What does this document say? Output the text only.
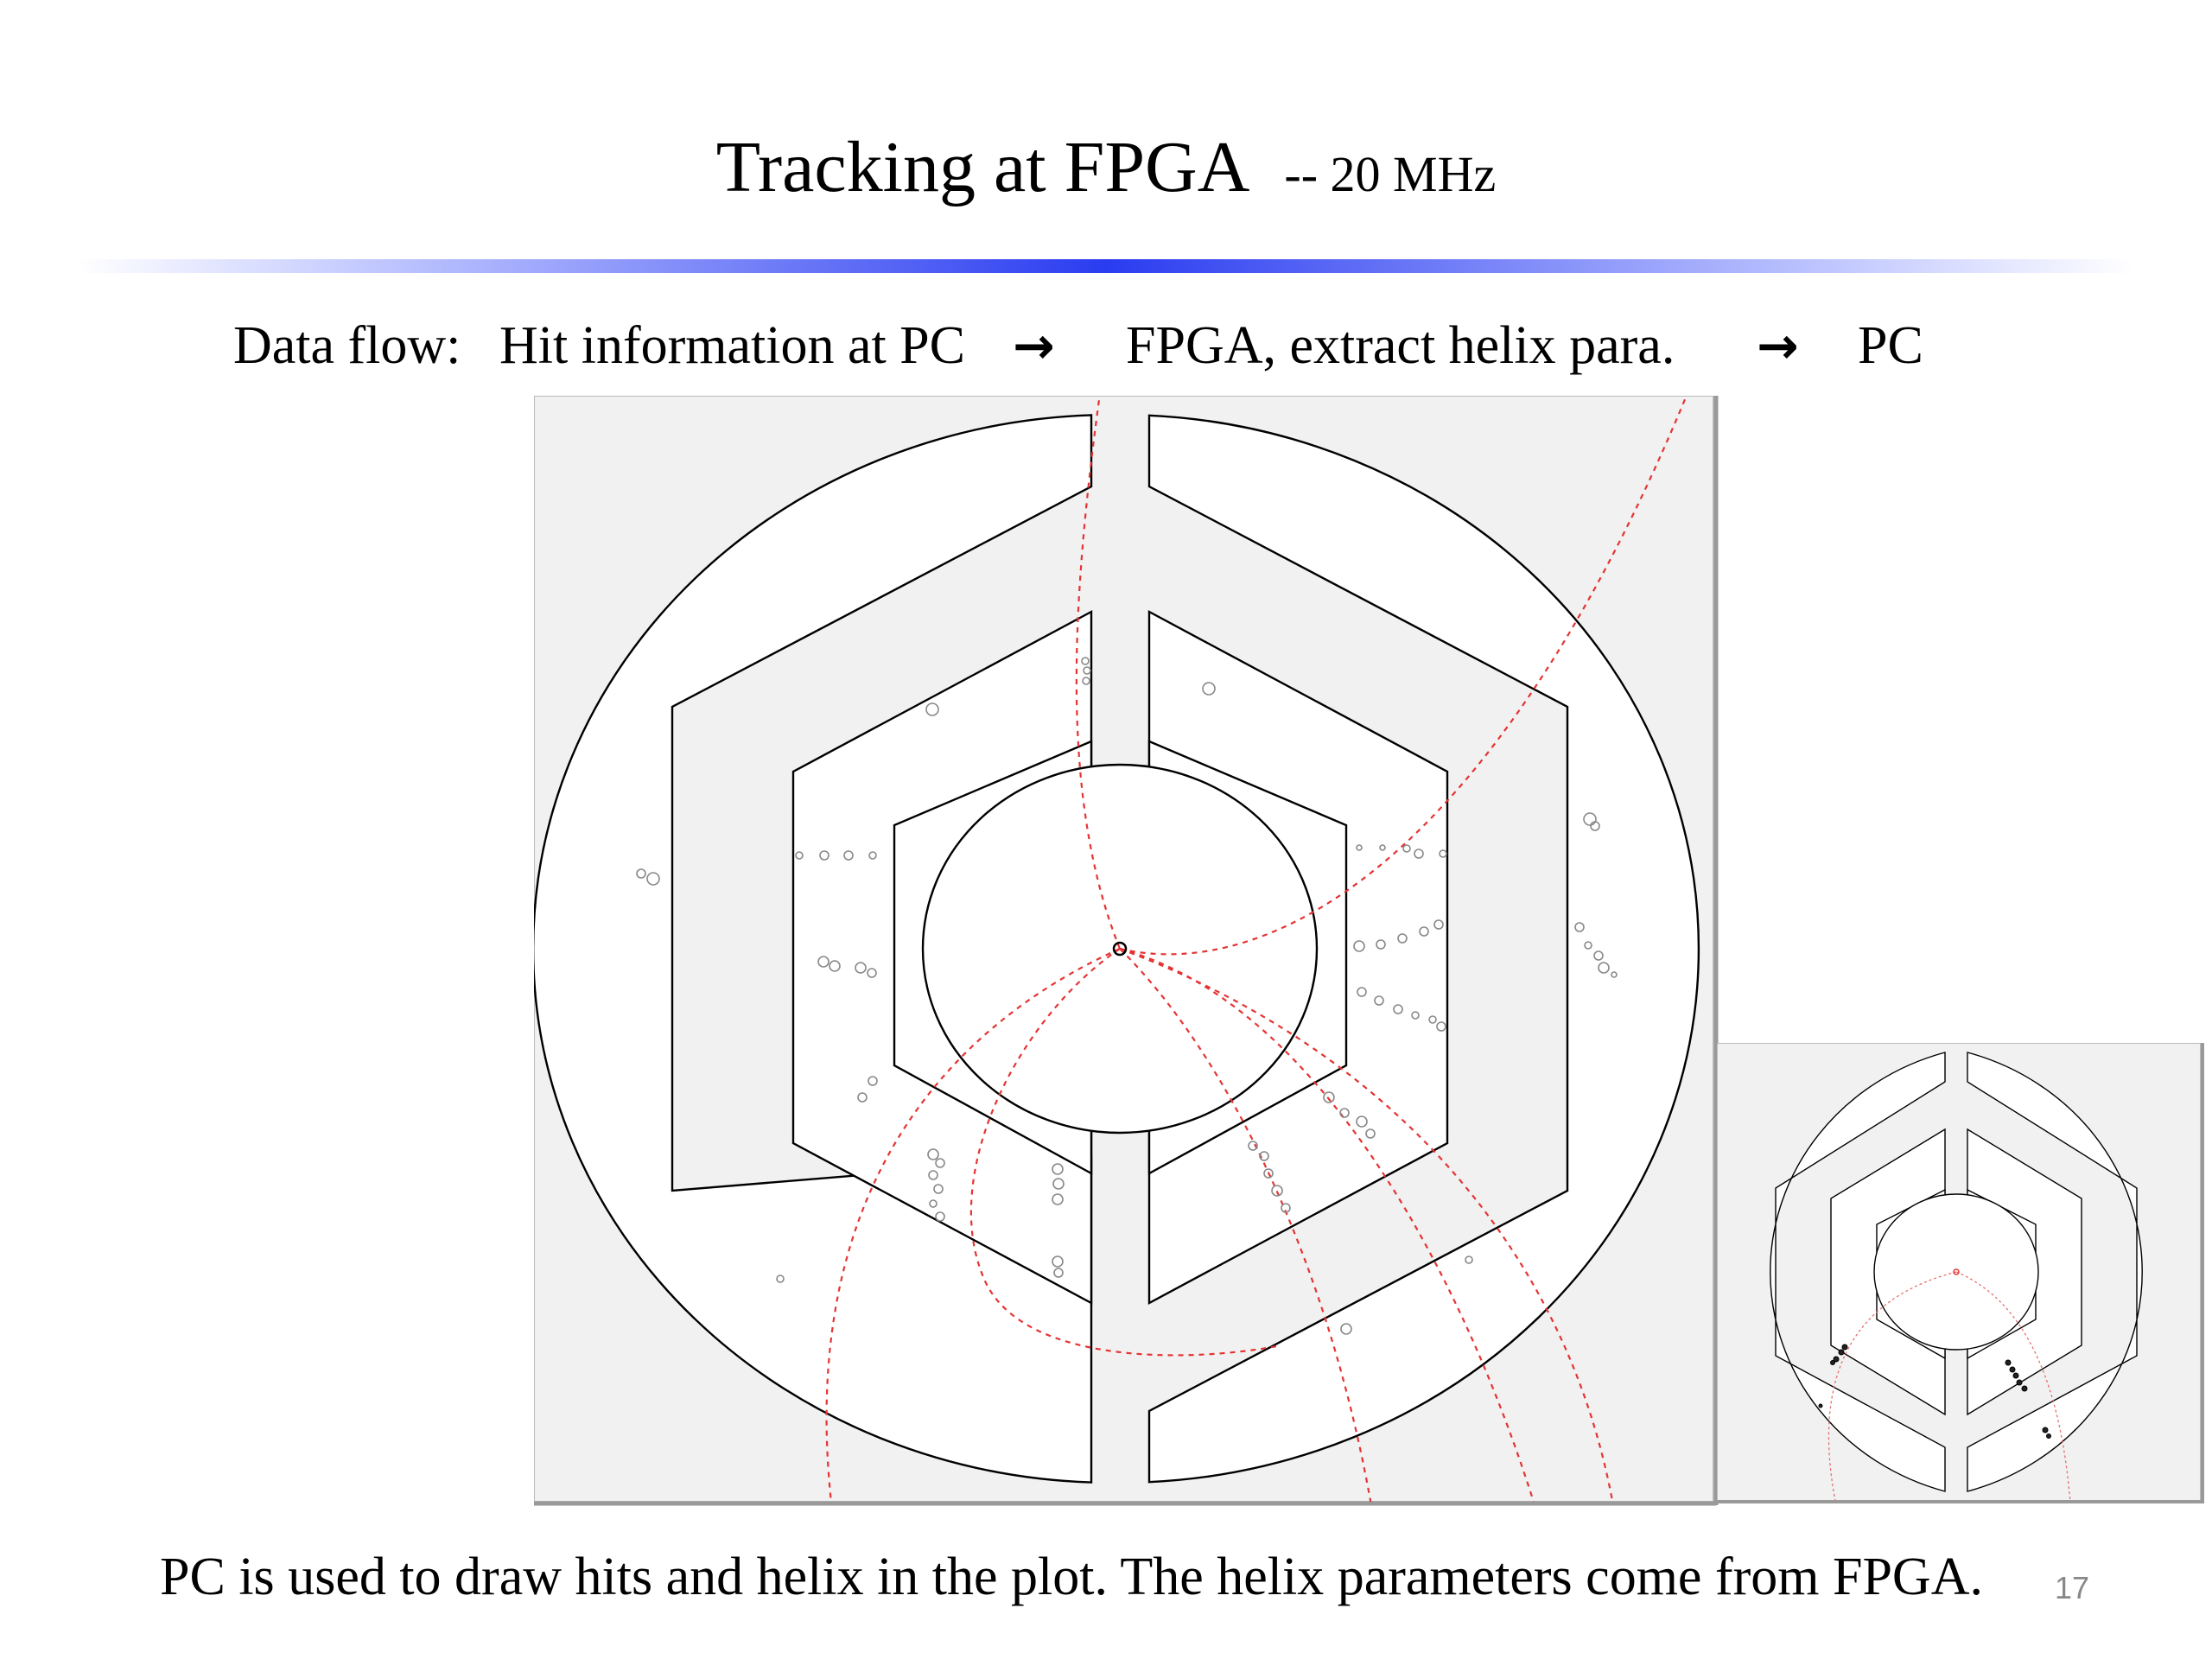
Tracking at FPGA -- 20 MHz
Data flow: Hit information at PC → FPGA, extract helix para. → PC
PC is used to draw hits and helix in the plot. The helix parameters come from FPGA. 17
